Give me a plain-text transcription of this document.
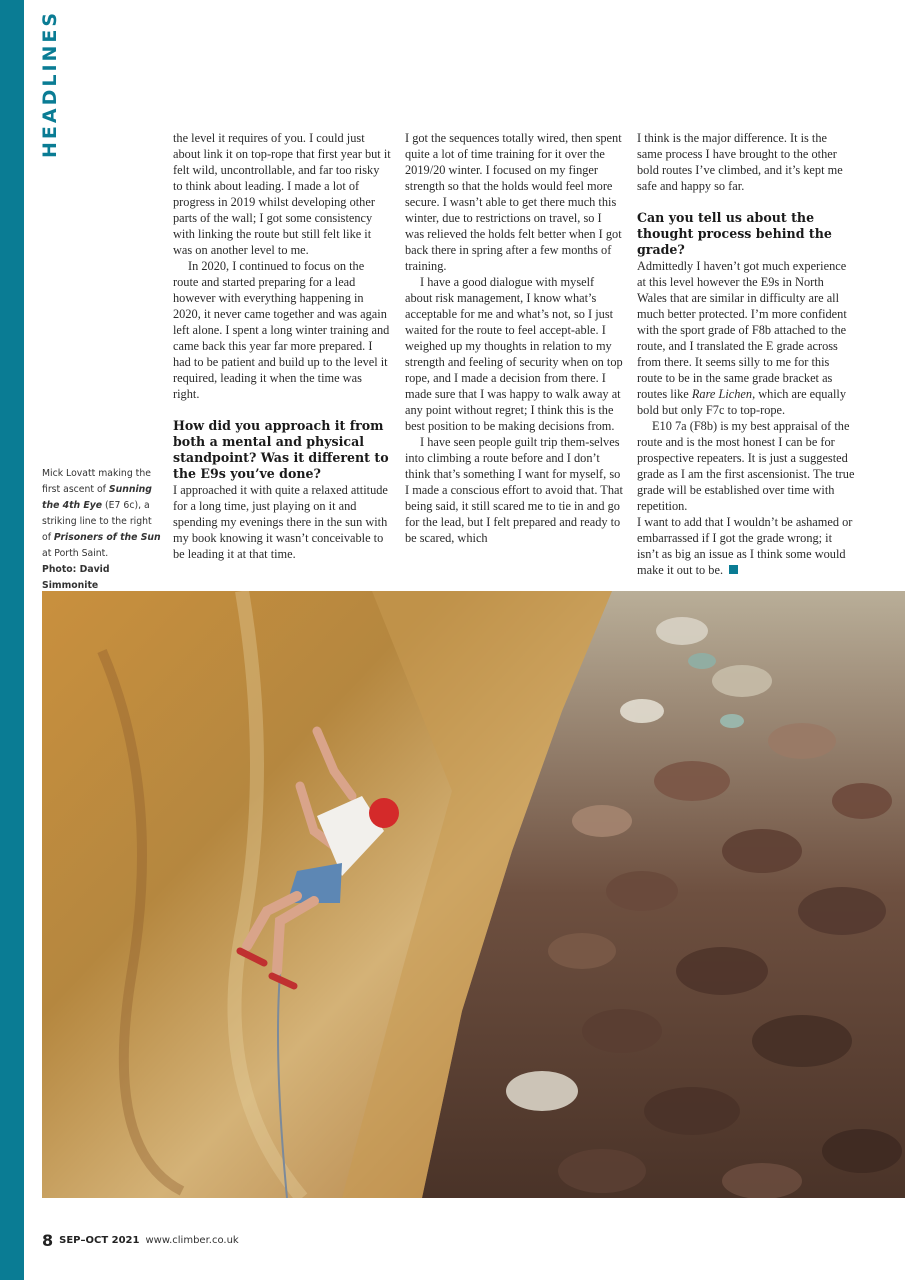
HEADLINES
Mick Lovatt making the first ascent of Sunning the 4th Eye (E7 6c), a striking line to the right of Prisoners of the Sun at Porth Saint.
Photo: David Simmonite

the level it requires of you. I could just about link it on top-rope that first year but it felt wild, uncontrollable, and far too risky to think about leading. I made a lot of progress in 2019 whilst developing other parts of the wall; I got some consistency with linking the route but still felt like it was on another level to me.

In 2020, I continued to focus on the route and started preparing for a lead however with everything happening in 2020, it never came together and was again left alone. I spent a long winter training and came back this year far more prepared. I had to be patient and build up to the level it required, leading it when the time was right.

How did you approach it from both a mental and physical standpoint? Was it different to the E9s you’ve done?

I approached it with quite a relaxed attitude for a long time, just playing on it and spending my evenings there in the sun with my book knowing it wasn’t conceivable to be leading it at that time.

I got the sequences totally wired, then spent quite a lot of time training for it over the 2019/20 winter. I focused on my finger strength so that the holds would feel more secure. I wasn’t able to get there much this winter, due to restrictions on travel, so I was relieved the holds felt better when I got back there in spring after a few months of training.

I have a good dialogue with myself about risk management, I know what’s acceptable for me and what’s not, so I just waited for the route to feel accept-able. I weighed up my thoughts in relation to my strength and feeling of security when on top rope, and I made a decision from there. I made sure that I was happy to walk away at any point without regret; I think this is the best position to be making decisions from.

I have seen people guilt trip them-selves into climbing a route before and I don’t think that’s something I want for myself, so I made a conscious effort to avoid that. That being said, it still scared me to tie in and go for the lead, but I felt prepared and ready to be scared, which

I think is the major difference. It is the same process I have brought to the other bold routes I’ve climbed, and it’s kept me safe and happy so far.

Can you tell us about the thought process behind the grade?

Admittedly I haven’t got much experience at this level however the E9s in North Wales that are similar in difficulty are all much better protected. I’m more confident with the sport grade of F8b attached to the route, and I translated the E grade across from there. It seems silly to me for this route to be in the same grade bracket as routes like Rare Lichen, which are equally bold but only F7c to top-rope.

E10 7a (F8b) is my best appraisal of the route and is the most honest I can be for prospective repeaters. It is just a suggested grade as I am the first ascensionist. The true grade will be established over time with repetition.

I want to add that I wouldn’t be ashamed or embarrassed if I got the grade wrong; it isn’t as big an issue as I think some would make it out to be.

8 SEP–OCT 2021 www.climber.co.uk
